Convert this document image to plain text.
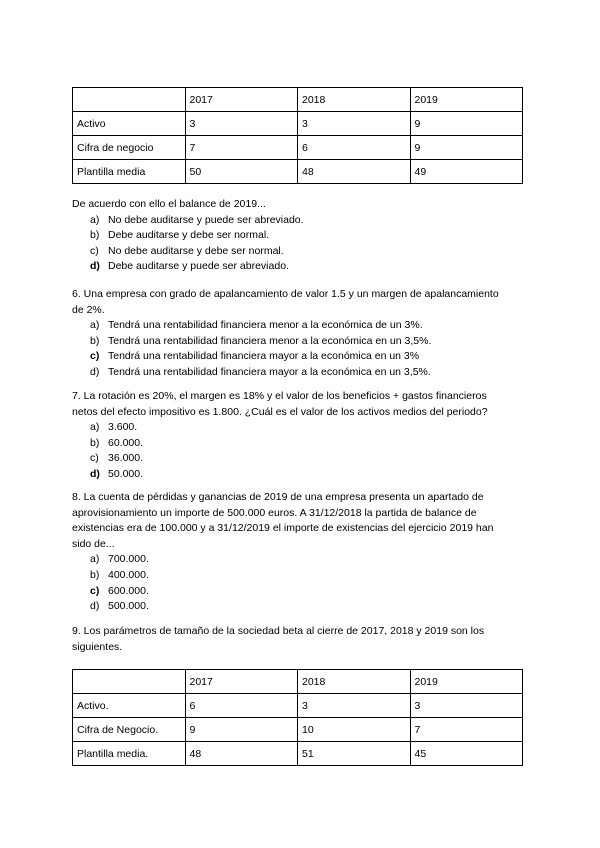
	2017	2018	2019
Activo	3	3	9
Cifra de negocio	7	6	9
Plantilla media	50	48	49
De acuerdo con ello el balance de 2019...
a) No debe auditarse y puede ser abreviado.
b) Debe auditarse y debe ser normal.
c) No debe auditarse y debe ser normal.
d) Debe auditarse y puede ser abreviado.
6. Una empresa con grado de apalancamiento de valor 1.5 y un margen de apalancamiento
de 2%.
a) Tendrá una rentabilidad financiera menor a la económica de un 3%.
b) Tendrá una rentabilidad financiera menor a la económica en un 3,5%.
c) Tendrá una rentabilidad financiera mayor a la económica en un 3%
d) Tendrá una rentabilidad financiera mayor a la económica en un 3,5%.
7. La rotación es 20%, el margen es 18% y el valor de los beneficios + gastos financieros
netos del efecto impositivo es 1.800. ¿Cuál es el valor de los activos medios del periodo?
a) 3.600.
b) 60.000.
c) 36.000.
d) 50.000.
8. La cuenta de pérdidas y ganancias de 2019 de una empresa presenta un apartado de
aprovisionamiento un importe de 500.000 euros. A 31/12/2018 la partida de balance de
existencias era de 100.000 y a 31/12/2019 el importe de existencias del ejercicio 2019 han
sido de...
a) 700.000.
b) 400.000.
c) 600.000.
d) 500.000.
9. Los parámetros de tamaño de la sociedad beta al cierre de 2017, 2018 y 2019 son los
siguientes.
	2017	2018	2019
Activo.	6	3	3
Cifra de Negocio.	9	10	7
Plantilla media.	48	51	45
